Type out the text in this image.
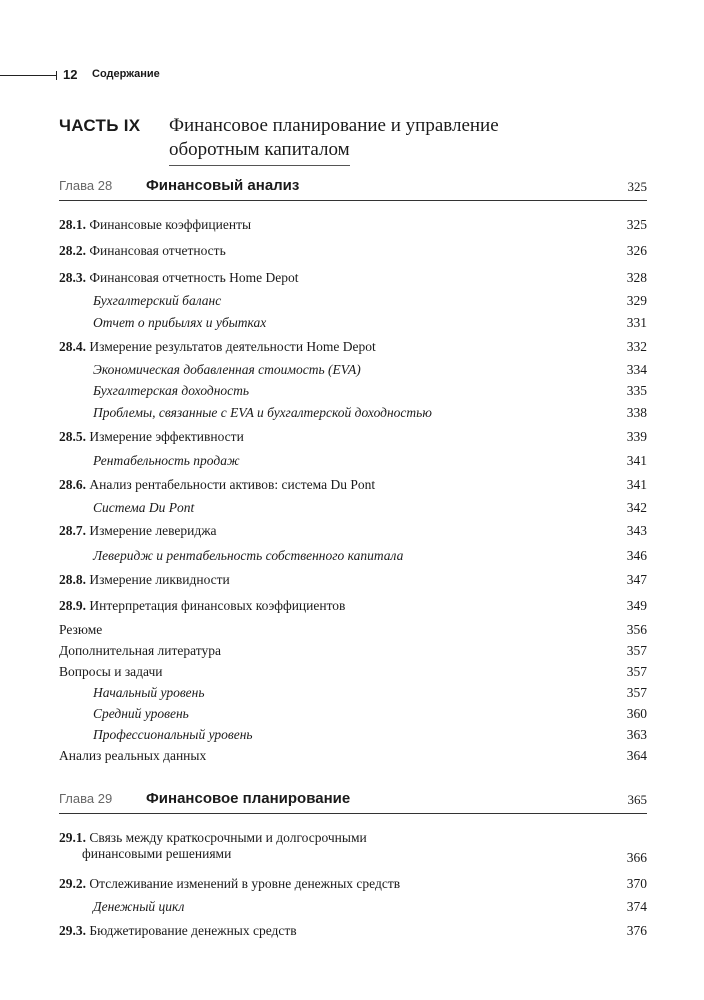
12 Содержание
ЧАСТЬ IX Финансовое планирование и управление
оборотным капиталом
Глава 28 Финансовый анализ	325
28.1. Финансовые коэффициенты	325
28.2. Финансовая отчетность	326
28.3. Финансовая отчетность Home Depot	328
Бухгалтерский баланс	329
Отчет о прибылях и убытках	331
28.4. Измерение результатов деятельности Home Depot	332
Экономическая добавленная стоимость (EVA)	334
Бухгалтерская доходность	335
Проблемы, связанные с EVA и бухгалтерской доходностью	338
28.5. Измерение эффективности	339
Рентабельность продаж	341
28.6. Анализ рентабельности активов: система Du Pont	341
Система Du Pont	342
28.7. Измерение левериджа	343
Леверидж и рентабельность собственного капитала	346
28.8. Измерение ликвидности	347
28.9. Интерпретация финансовых коэффициентов	349
Резюме	356
Дополнительная литература	357
Вопросы и задачи	357
Начальный уровень	357
Средний уровень	360
Профессиональный уровень	363
Анализ реальных данных	364
Глава 29 Финансовое планирование	365
29.1. Связь между краткосрочными и долгосрочными
финансовыми решениями	366
29.2. Отслеживание изменений в уровне денежных средств	370
Денежный цикл	374
29.3. Бюджетирование денежных средств	376
